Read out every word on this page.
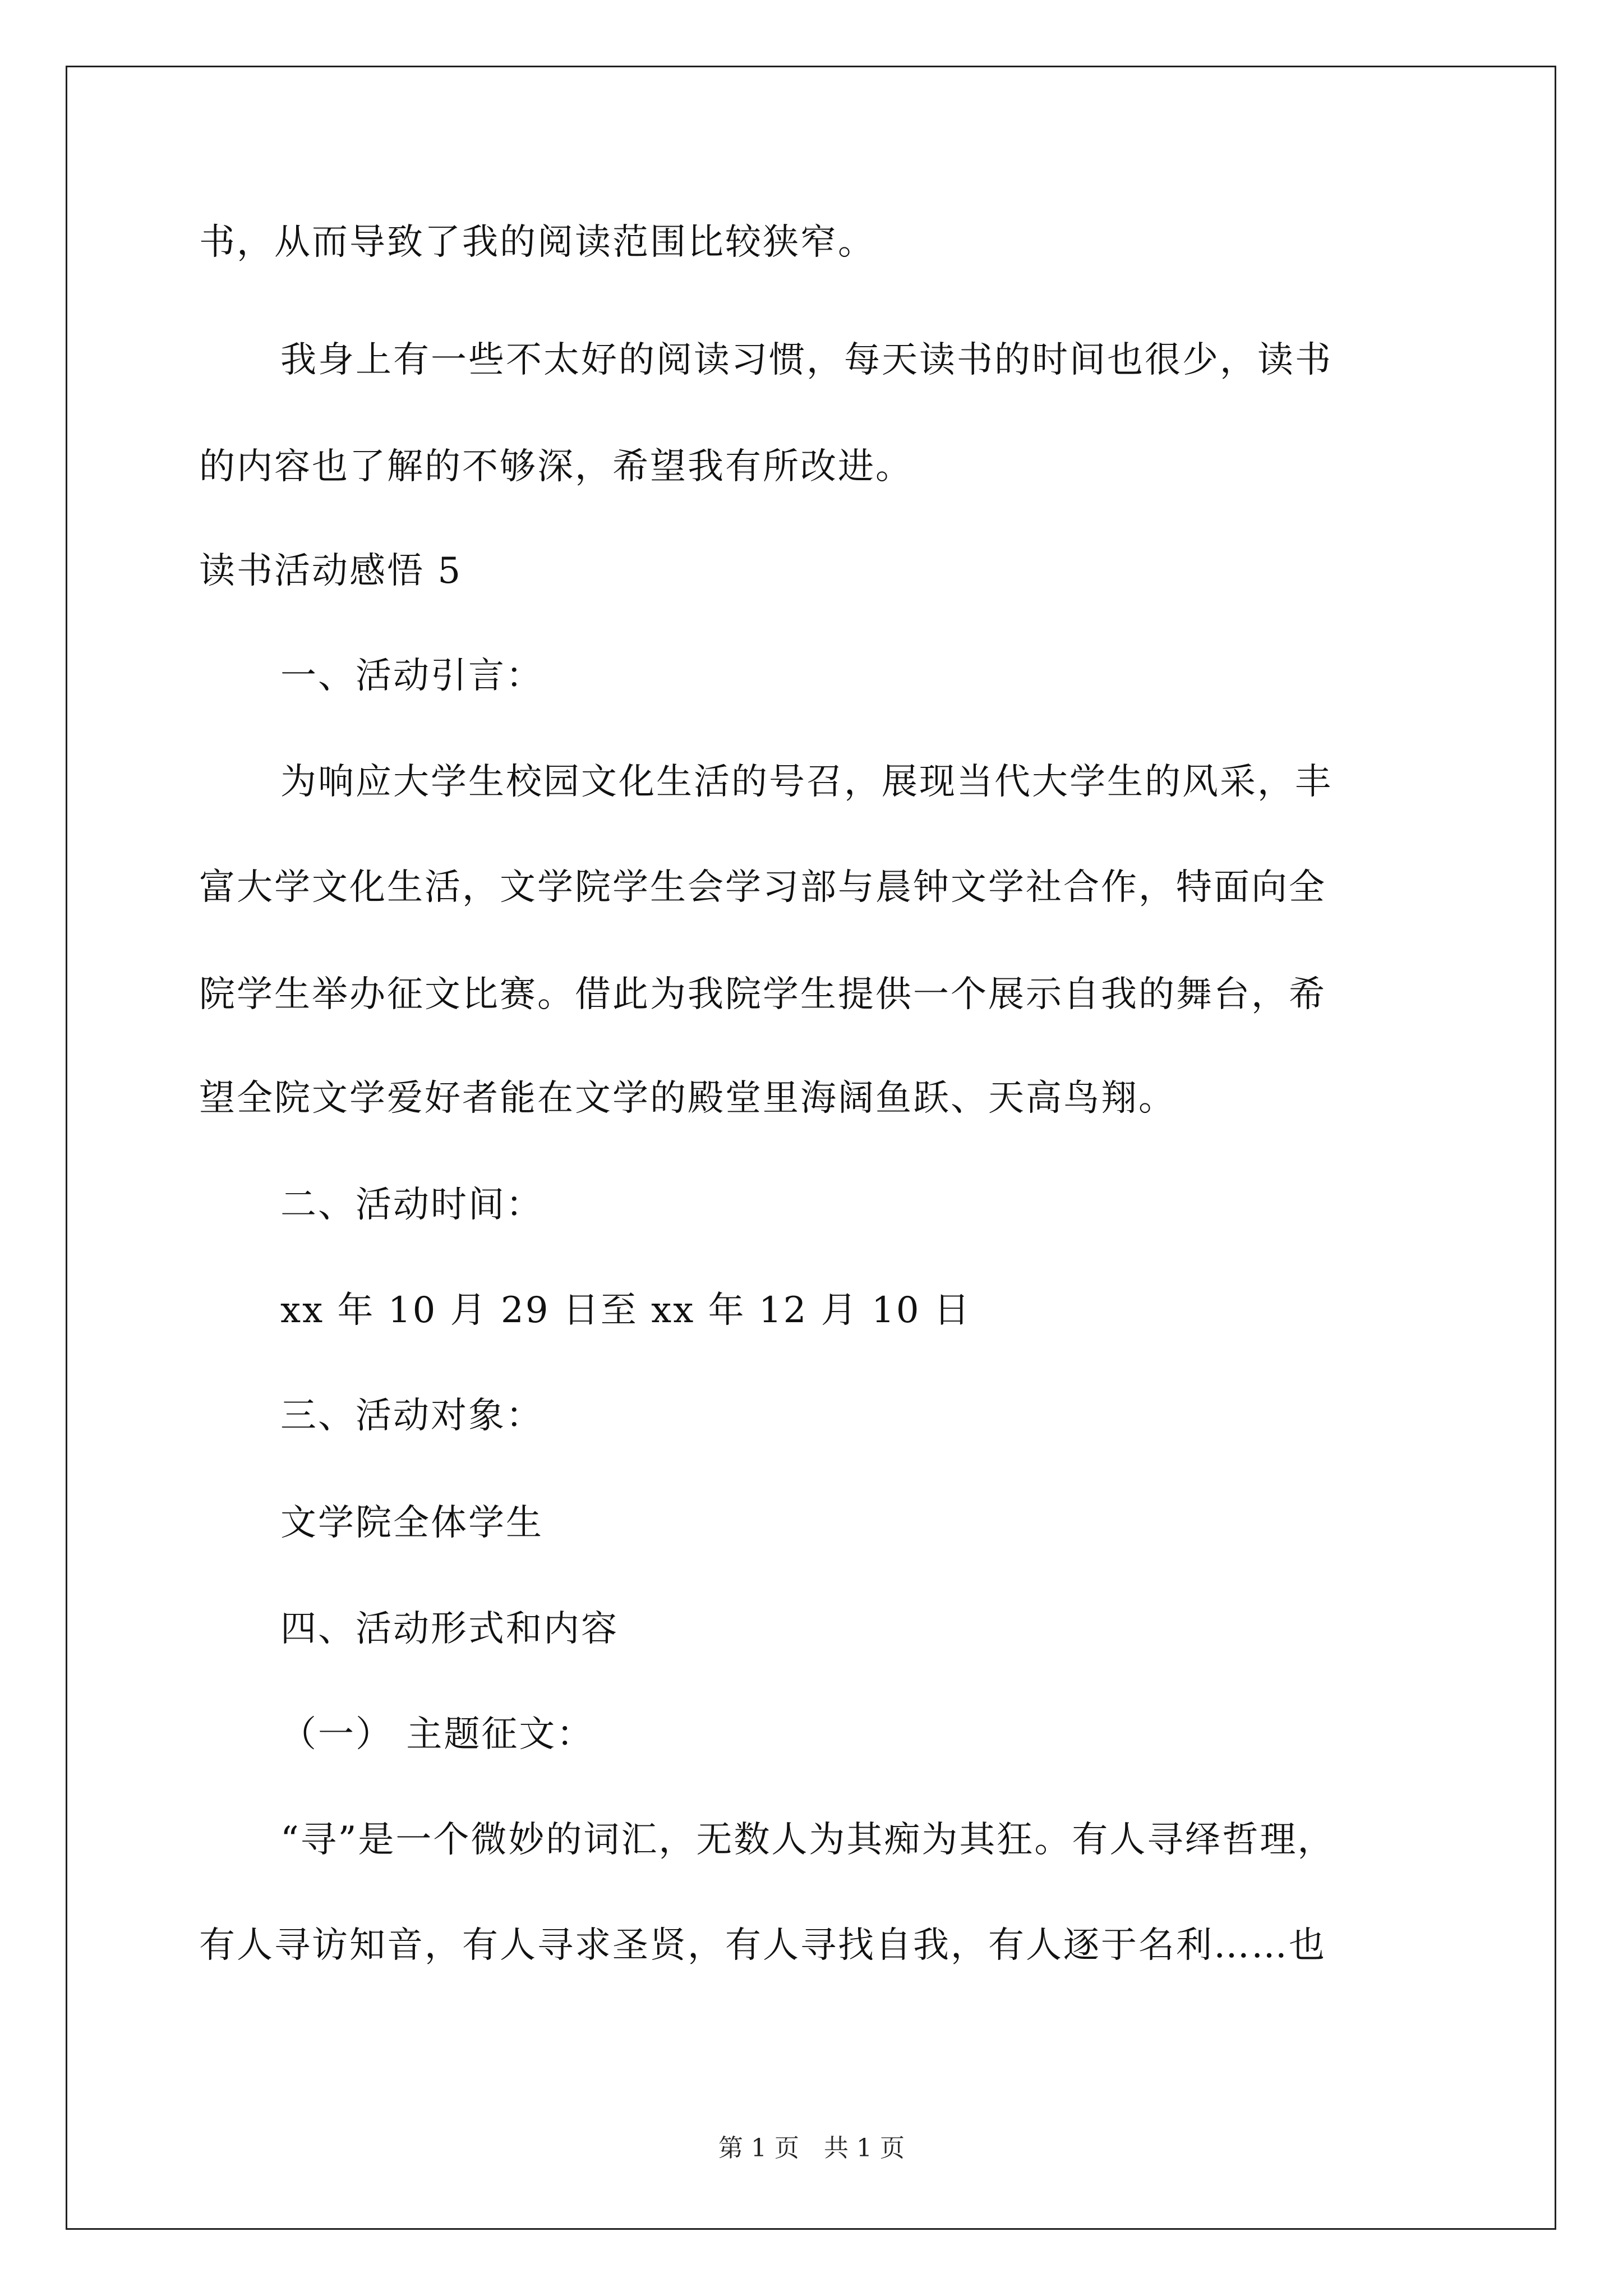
书，从而导致了我的阅读范围比较狭窄。
我身上有一些不太好的阅读习惯，每天读书的时间也很少，读书
的内容也了解的不够深，希望我有所改进。
读书活动感悟 5
一、活动引言：
为响应大学生校园文化生活的号召，展现当代大学生的风采，丰
富大学文化生活，文学院学生会学习部与晨钟文学社合作，特面向全
院学生举办征文比赛。借此为我院学生提供一个展示自我的舞台，希
望全院文学爱好者能在文学的殿堂里海阔鱼跃、天高鸟翔。
二、活动时间：
xx 年 10 月 29 日至 xx 年 12 月 10 日
三、活动对象：
文学院全体学生
四、活动形式和内容
（一） 主题征文：
“寻”是一个微妙的词汇，无数人为其痴为其狂。有人寻绎哲理，
有人寻访知音，有人寻求圣贤，有人寻找自我，有人逐于名利……也
第 1 页　共 1 页
